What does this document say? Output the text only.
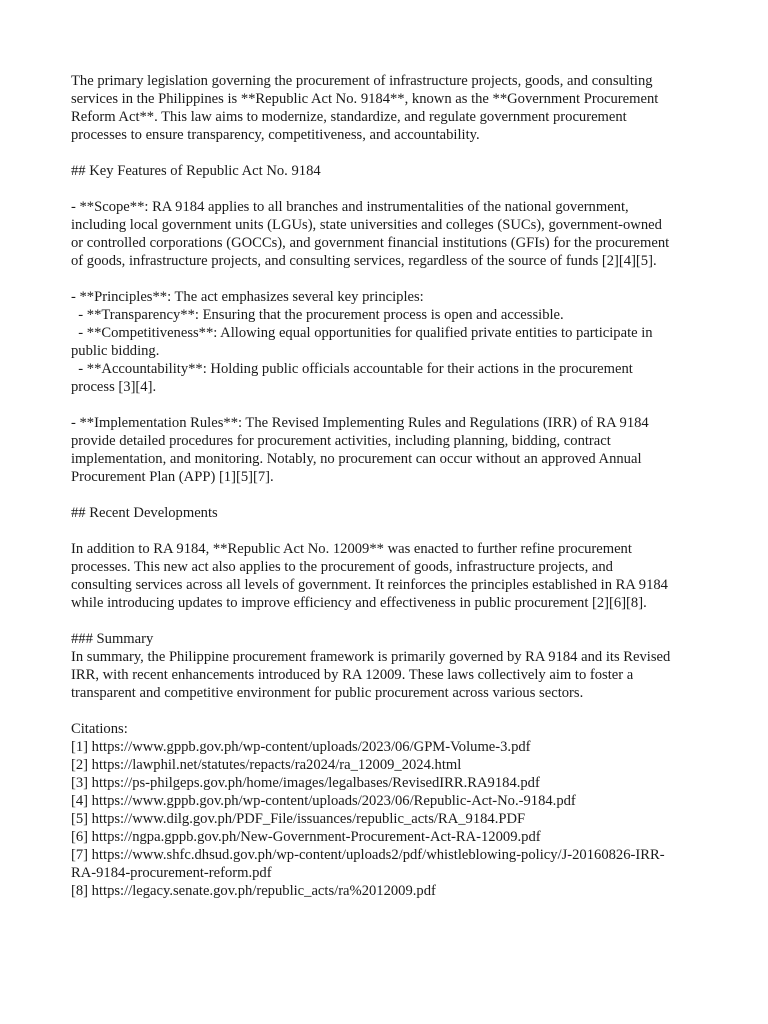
The primary legislation governing the procurement of infrastructure projects, goods, and consulting
services in the Philippines is **Republic Act No. 9184**, known as the **Government Procurement
Reform Act**. This law aims to modernize, standardize, and regulate government procurement
processes to ensure transparency, competitiveness, and accountability.
## Key Features of Republic Act No. 9184
- **Scope**: RA 9184 applies to all branches and instrumentalities of the national government,
including local government units (LGUs), state universities and colleges (SUCs), government-owned
or controlled corporations (GOCCs), and government financial institutions (GFIs) for the procurement
of goods, infrastructure projects, and consulting services, regardless of the source of funds [2][4][5].
- **Principles**: The act emphasizes several key principles:
- **Transparency**: Ensuring that the procurement process is open and accessible.
- **Competitiveness**: Allowing equal opportunities for qualified private entities to participate in
public bidding.
- **Accountability**: Holding public officials accountable for their actions in the procurement
process [3][4].
- **Implementation Rules**: The Revised Implementing Rules and Regulations (IRR) of RA 9184
provide detailed procedures for procurement activities, including planning, bidding, contract
implementation, and monitoring. Notably, no procurement can occur without an approved Annual
Procurement Plan (APP) [1][5][7].
## Recent Developments
In addition to RA 9184, **Republic Act No. 12009** was enacted to further refine procurement
processes. This new act also applies to the procurement of goods, infrastructure projects, and
consulting services across all levels of government. It reinforces the principles established in RA 9184
while introducing updates to improve efficiency and effectiveness in public procurement [2][6][8].
### Summary
In summary, the Philippine procurement framework is primarily governed by RA 9184 and its Revised
IRR, with recent enhancements introduced by RA 12009. These laws collectively aim to foster a
transparent and competitive environment for public procurement across various sectors.
Citations:
[1] https://www.gppb.gov.ph/wp-content/uploads/2023/06/GPM-Volume-3.pdf
[2] https://lawphil.net/statutes/repacts/ra2024/ra_12009_2024.html
[3] https://ps-philgeps.gov.ph/home/images/legalbases/RevisedIRR.RA9184.pdf
[4] https://www.gppb.gov.ph/wp-content/uploads/2023/06/Republic-Act-No.-9184.pdf
[5] https://www.dilg.gov.ph/PDF_File/issuances/republic_acts/RA_9184.PDF
[6] https://ngpa.gppb.gov.ph/New-Government-Procurement-Act-RA-12009.pdf
[7] https://www.shfc.dhsud.gov.ph/wp-content/uploads2/pdf/whistleblowing-policy/J-20160826-IRR-
RA-9184-procurement-reform.pdf
[8] https://legacy.senate.gov.ph/republic_acts/ra%2012009.pdf
